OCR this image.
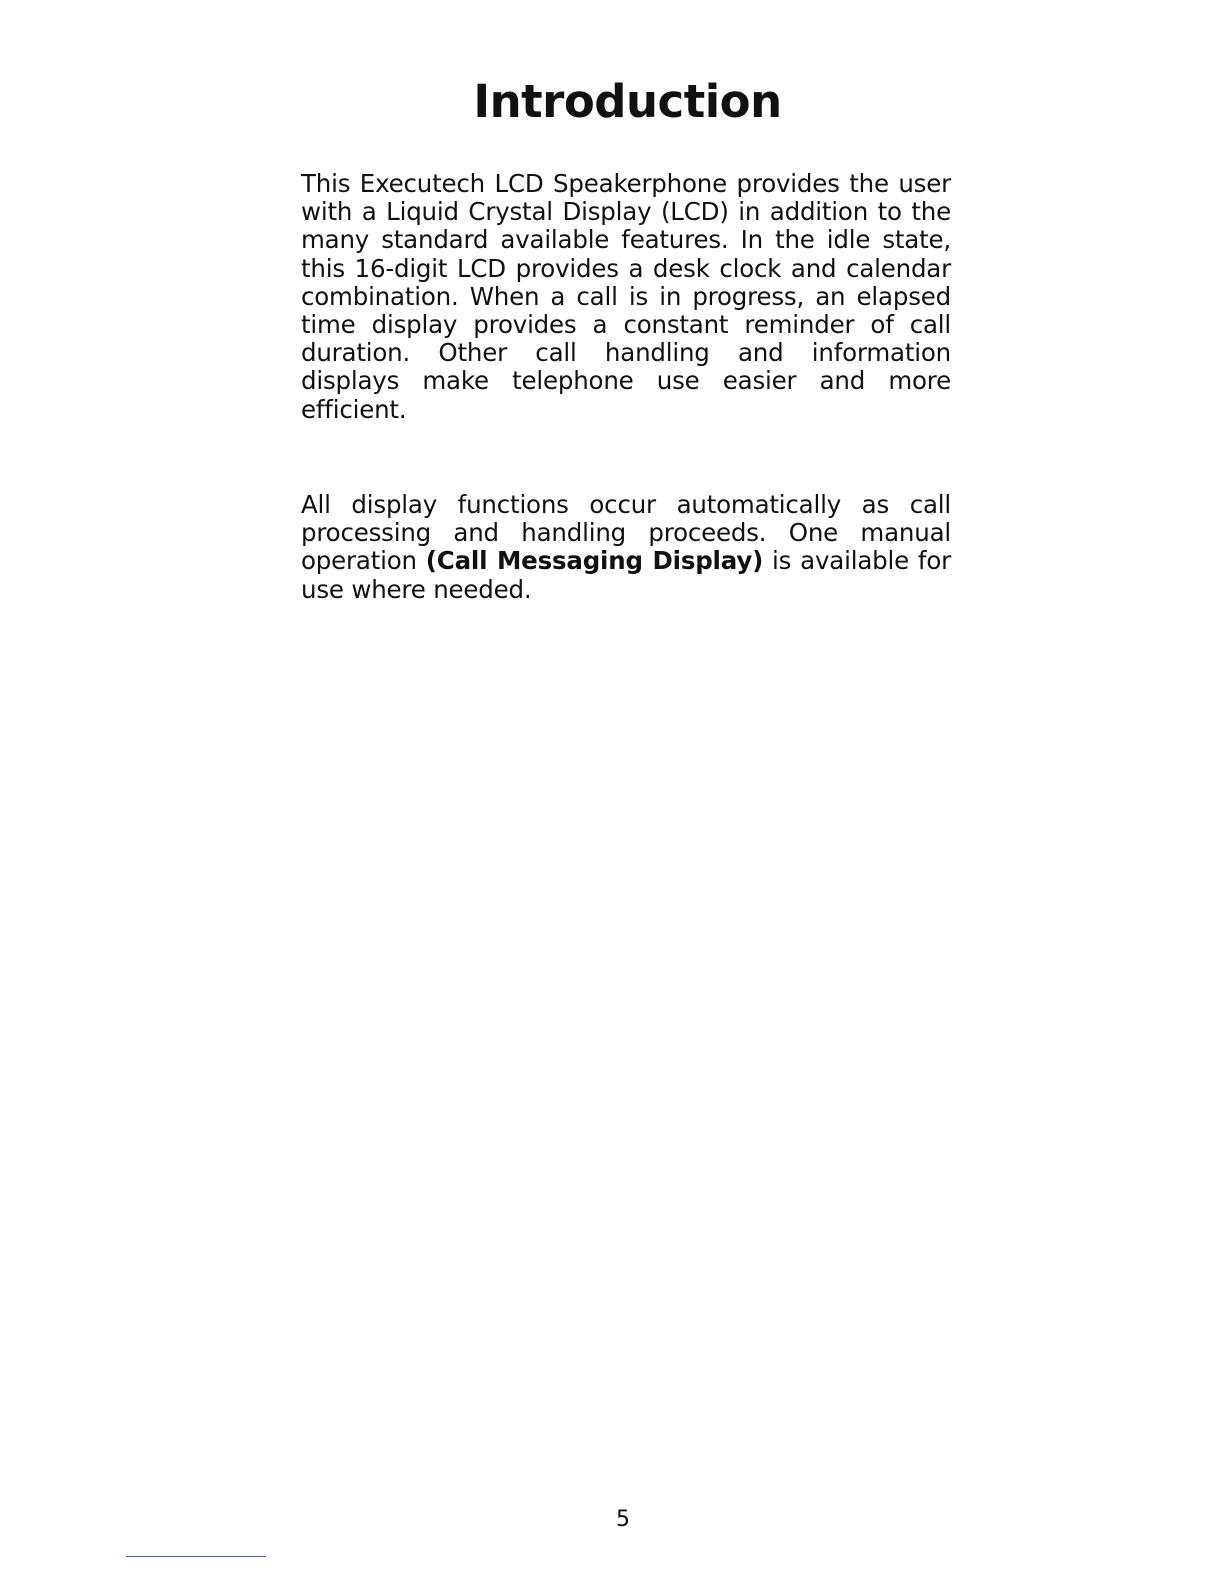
Introduction

This Executech LCD Speakerphone provides the user with a Liquid Crystal Display (LCD) in addition to the many standard available features. In the idle state, this 16-digit LCD provides a desk clock and calendar combination. When a call is in progress, an elapsed time display provides a constant reminder of call duration. Other call handling and information displays make telephone use easier and more efficient.

All display functions occur automatically as call processing and handling proceeds. One manual operation (Call Messaging Display) is available for use where needed.

5
